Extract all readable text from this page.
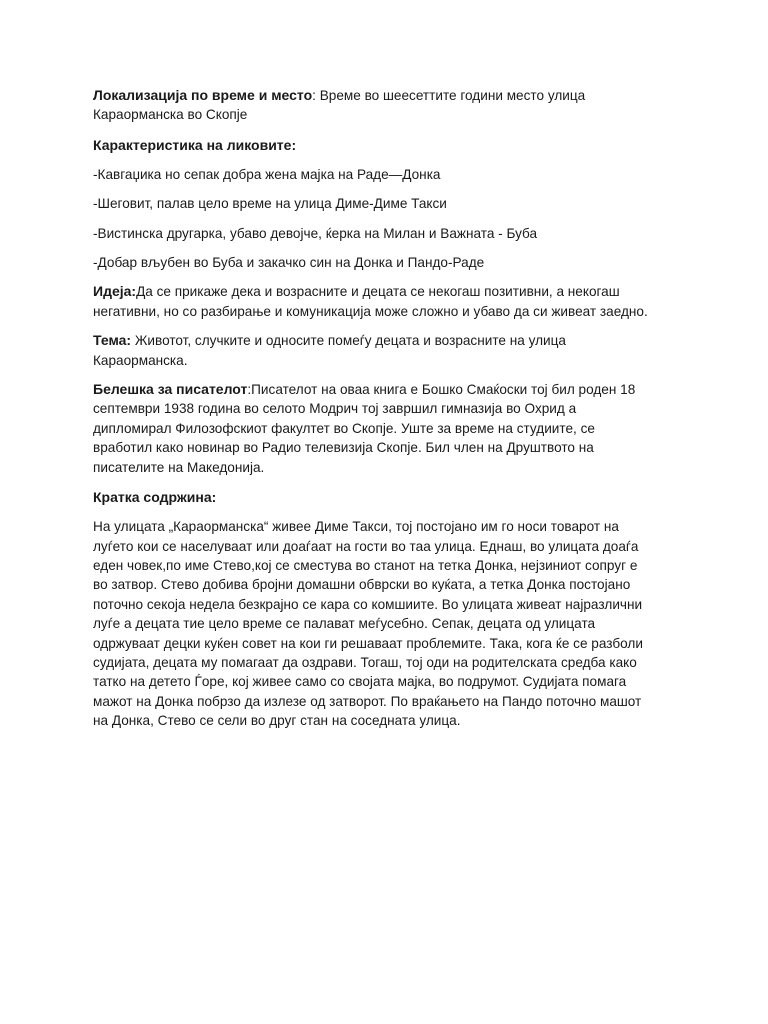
Локализација по време и место: Време во шеесеттите години место улица Караорманска во Скопје

Карактеристика на ликовите:

-Кавгаџика но сепак добра жена мајка на Раде—Донка

-Шеговит, палав цело време на улица Диме-Диме Такси

-Вистинска другарка, убаво девојче, ќерка на Милан и Важната - Буба

-Добар вљубен во Буба и закачко син на Донка и Пандо-Раде

Идеја:Да се прикаже дека и возрасните и децата се некогаш позитивни, а некогаш негативни, но со разбирање и комуникација може сложно и убаво да си живеат заедно.

Тема: Животот, случките и односите помеѓу децата и возрасните на улица Караорманска.

Белешка за писателот:Писателот на оваа книга е Бошко Смаќоски тој бил роден 18 септември 1938 година во селото Модрич тој завршил гимназија во Охрид а дипломирал Филозофскиот факултет во Скопје. Уште за време на студиите, се вработил како новинар во Радио телевизија Скопје. Бил член на Друштвото на писателите на Македонија.

Кратка содржина:

На улицата „Караорманска“ живее Диме Такси, тој постојано им го носи товарот на луѓето кои се населуваат или доаѓаат на гости во таа улица. Еднаш, во улицата доаѓа еден човек,по име Стево,кој се сместува во станот на тетка Донка, нејзиниот сопруг е во затвор. Стево добива бројни домашни обврски во куќата, а тетка Донка постојано поточно секоја недела безкрајно се кара со комшиите. Во улицата живеат најразлични луѓе а децата тие цело време се палават меѓусебно. Сепак, децата од улицата одржуваат децки куќен совет на кои ги решаваат проблемите. Така, кога ќе се разболи судијата, децата му помагаат да оздрави. Тогаш, тој оди на родителската средба како татко на детето Ѓоре, кој живее само со својата мајка, во подрумот. Судијата помага мажот на Донка побрзо да излезе од затворот. По враќањето на Пандо поточно машот на Донка, Стево се сели во друг стан на соседната улица.
